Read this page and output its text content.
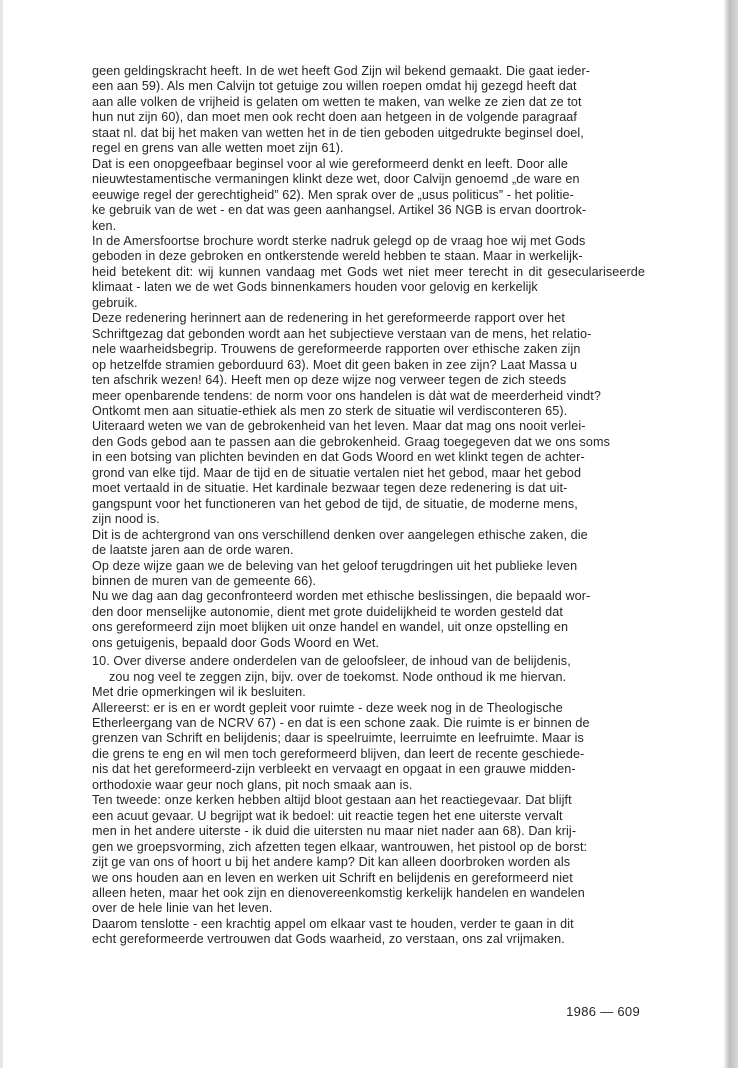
geen geldingskracht heeft. In de wet heeft God Zijn wil bekend gemaakt. Die gaat ieder-
een aan 59). Als men Calvijn tot getuige zou willen roepen omdat hij gezegd heeft dat
aan alle volken de vrijheid is gelaten om wetten te maken, van welke ze zien dat ze tot
hun nut zijn 60), dan moet men ook recht doen aan hetgeen in de volgende paragraaf
staat nl. dat bij het maken van wetten het in de tien geboden uitgedrukte beginsel doel,
regel en grens van alle wetten moet zijn 61).

Dat is een onopgeefbaar beginsel voor al wie gereformeerd denkt en leeft. Door alle
nieuwtestamentische vermaningen klinkt deze wet, door Calvijn genoemd „de ware en
eeuwige regel der gerechtigheid” 62). Men sprak over de „usus politicus” - het politie-
ke gebruik van de wet - en dat was geen aanhangsel. Artikel 36 NGB is ervan doortrok-
ken.

In de Amersfoortse brochure wordt sterke nadruk gelegd op de vraag hoe wij met Gods
geboden in deze gebroken en ontkerstende wereld hebben te staan. Maar in werkelijk-
heid betekent dit: wij kunnen vandaag met Gods wet niet meer terecht in dit geseculariseerde klimaat - laten we de wet Gods binnenkamers houden voor gelovig en kerkelijk
gebruik.

Deze redenering herinnert aan de redenering in het gereformeerde rapport over het
Schriftgezag dat gebonden wordt aan het subjectieve verstaan van de mens, het relatio-
nele waarheidsbegrip. Trouwens de gereformeerde rapporten over ethische zaken zijn
op hetzelfde stramien geborduurd 63). Moet dit geen baken in zee zijn? Laat Massa u
ten afschrik wezen! 64). Heeft men op deze wijze nog verweer tegen de zich steeds
meer openbarende tendens: de norm voor ons handelen is dàt wat de meerderheid vindt?
Ontkomt men aan situatie-ethiek als men zo sterk de situatie wil verdisconteren 65).
Uiteraard weten we van de gebrokenheid van het leven. Maar dat mag ons nooit verlei-
den Gods gebod aan te passen aan die gebrokenheid. Graag toegegeven dat we ons soms
in een botsing van plichten bevinden en dat Gods Woord en wet klinkt tegen de achter-
grond van elke tijd. Maar de tijd en de situatie vertalen niet het gebod, maar het gebod
moet vertaald in de situatie. Het kardinale bezwaar tegen deze redenering is dat uit-
gangspunt voor het functioneren van het gebod de tijd, de situatie, de moderne mens,
zijn nood is.

Dit is de achtergrond van ons verschillend denken over aangelegen ethische zaken, die
de laatste jaren aan de orde waren.

Op deze wijze gaan we de beleving van het geloof terugdringen uit het publieke leven
binnen de muren van de gemeente 66).

Nu we dag aan dag geconfronteerd worden met ethische beslissingen, die bepaald wor-
den door menselijke autonomie, dient met grote duidelijkheid te worden gesteld dat
ons gereformeerd zijn moet blijken uit onze handel en wandel, uit onze opstelling en
ons getuigenis, bepaald door Gods Woord en Wet.

10. Over diverse andere onderdelen van de geloofsleer, de inhoud van de belijdenis,
zou nog veel te zeggen zijn, bijv. over de toekomst. Node onthoud ik me hiervan.

Met drie opmerkingen wil ik besluiten.

Allereerst: er is en er wordt gepleit voor ruimte - deze week nog in de Theologische
Etherleergang van de NCRV 67) - en dat is een schone zaak. Die ruimte is er binnen de
grenzen van Schrift en belijdenis; daar is speelruimte, leerruimte en leefruimte. Maar is
die grens te eng en wil men toch gereformeerd blijven, dan leert de recente geschiede-
nis dat het gereformeerd-zijn verbleekt en vervaagt en opgaat in een grauwe midden-
orthodoxie waar geur noch glans, pit noch smaak aan is.

Ten tweede: onze kerken hebben altijd bloot gestaan aan het reactiegevaar. Dat blijft
een acuut gevaar. U begrijpt wat ik bedoel: uit reactie tegen het ene uiterste vervalt
men in het andere uiterste - ik duid die uitersten nu maar niet nader aan 68). Dan krij-
gen we groepsvorming, zich afzetten tegen elkaar, wantrouwen, het pistool op de borst:
zijt ge van ons of hoort u bij het andere kamp? Dit kan alleen doorbroken worden als
we ons houden aan en leven en werken uit Schrift en belijdenis en gereformeerd niet
alleen heten, maar het ook zijn en dienovereenkomstig kerkelijk handelen en wandelen
over de hele linie van het leven.

Daarom tenslotte - een krachtig appel om elkaar vast te houden, verder te gaan in dit
echt gereformeerde vertrouwen dat Gods waarheid, zo verstaan, ons zal vrijmaken.

1986 — 609
